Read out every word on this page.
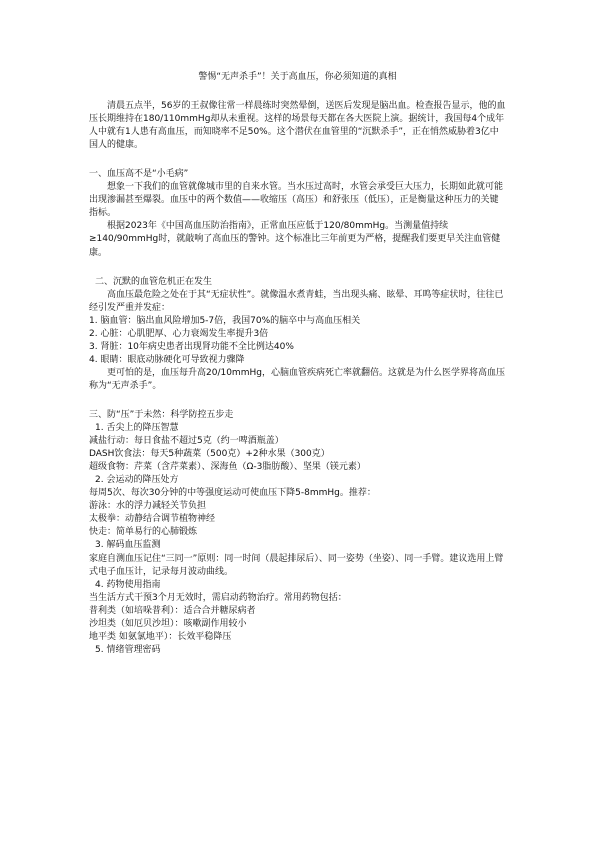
警惕“无声杀手”！关于高血压，你必须知道的真相

清晨五点半，56岁的王叔像往常一样晨练时突然晕倒，送医后发现是脑出血。检查报告显示，他的血压长期维持在180/110mmHg却从未重视。这样的场景每天都在各大医院上演。据统计，我国每4个成年人中就有1人患有高血压，而知晓率不足50%。这个潜伏在血管里的“沉默杀手”，正在悄然威胁着3亿中国人的健康。

一、血压高不是“小毛病”

想象一下我们的血管就像城市里的自来水管。当水压过高时，水管会承受巨大压力，长期如此就可能出现渗漏甚至爆裂。血压中的两个数值——收缩压（高压）和舒张压（低压），正是衡量这种压力的关键指标。

根据2023年《中国高血压防治指南》，正常血压应低于120/80mmHg。当测量值持续≥140/90mmHg时，就敲响了高血压的警钟。这个标准比三年前更为严格，提醒我们要更早关注血管健康。

二、沉默的血管危机正在发生

高血压最危险之处在于其“无症状性”。就像温水煮青蛙，当出现头痛、眩晕、耳鸣等症状时，往往已经引发严重并发症：

1. 脑血管：脑出血风险增加5-7倍，我国70%的脑卒中与高血压相关

2. 心脏：心肌肥厚、心力衰竭发生率提升3倍

3. 肾脏：10年病史患者出现肾功能不全比例达40%

4. 眼睛：眼底动脉硬化可导致视力骤降

更可怕的是，血压每升高20/10mmHg，心脑血管疾病死亡率就翻倍。这就是为什么医学界将高血压称为“无声杀手”。

三、防“压”于未然：科学防控五步走

1. 舌尖上的降压智慧

减盐行动：每日食盐不超过5克（约一啤酒瓶盖）

DASH饮食法：每天5种蔬菜（500克）+2种水果（300克）

超级食物：芹菜（含芹菜素）、深海鱼（Ω-3脂肪酸）、坚果（镁元素）

2. 会运动的降压处方

每周5次、每次30分钟的中等强度运动可使血压下降5-8mmHg。推荐：

游泳：水的浮力减轻关节负担

太极拳：动静结合调节植物神经

快走：简单易行的心肺锻炼

3. 解码血压监测

家庭自测血压记住“三同一”原则：同一时间（晨起排尿后）、同一姿势（坐姿）、同一手臂。建议选用上臂式电子血压计，记录每月波动曲线。

4. 药物使用指南

当生活方式干预3个月无效时，需启动药物治疗。常用药物包括：

普利类（如培哚普利）：适合合并糖尿病者

沙坦类（如厄贝沙坦）：咳嗽副作用较小

地平类 如氨氯地平）：长效平稳降压

5. 情绪管理密码
